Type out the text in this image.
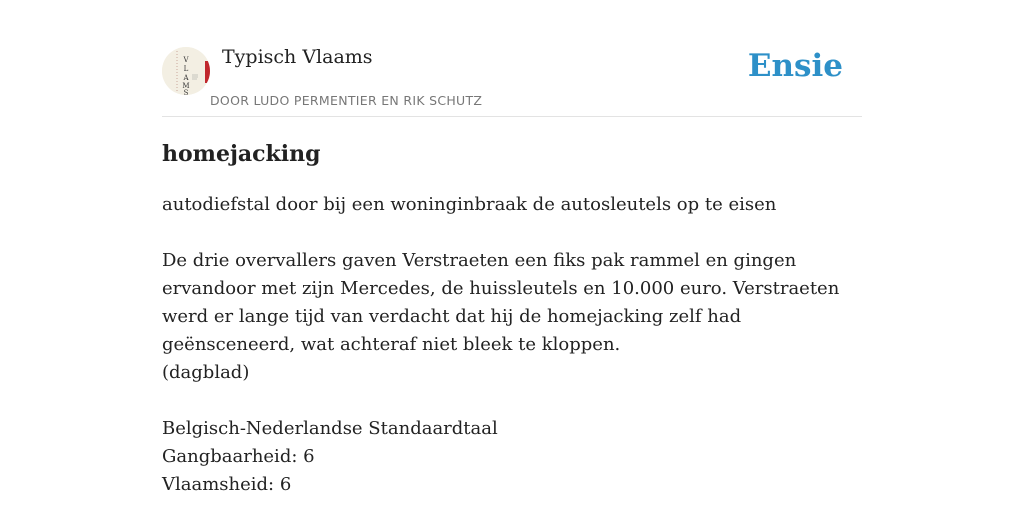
V
L
A
M
S
Typisch Vlaams
DOOR LUDO PERMENTIER EN RIK SCHUTZ
Ensie
homejacking
autodiefstal door bij een woninginbraak de autosleutels op te eisen
De drie overvallers gaven Verstraeten een fiks pak rammel en gingen ervandoor met zijn Mercedes, de huissleutels en 10.000 euro. Verstraeten werd er lange tijd van verdacht dat hij de homejacking zelf had geënsceneerd, wat achteraf niet bleek te kloppen.
(dagblad)
Belgisch-Nederlandse Standaardtaal
Gangbaarheid: 6
Vlaamsheid: 6
